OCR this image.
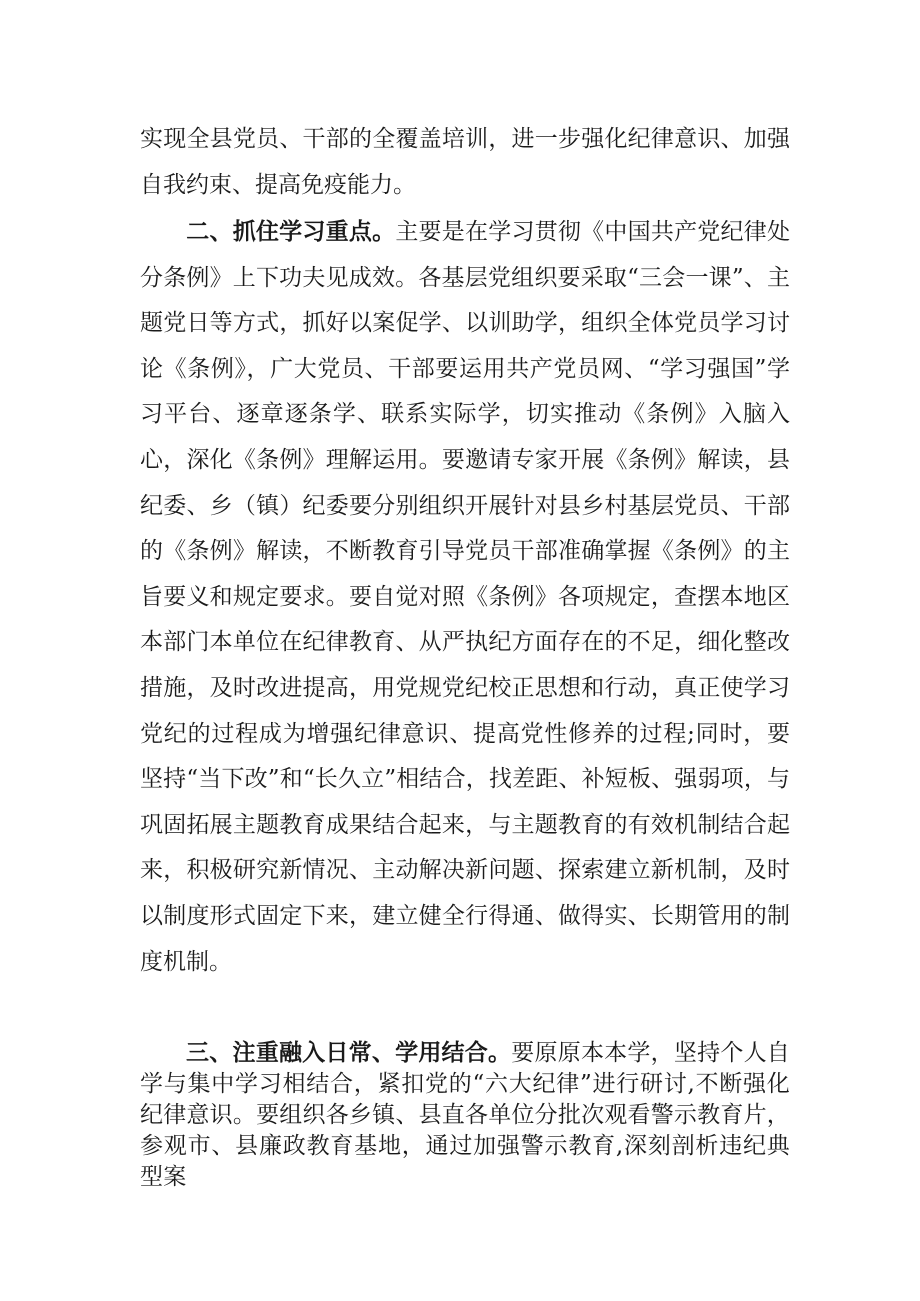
实现全县党员、干部的全覆盖培训，进一步强化纪律意识、加强自我约束、提高免疫能力。

二、抓住学习重点。主要是在学习贯彻《中国共产党纪律处分条例》上下功夫见成效。各基层党组织要采取“三会一课”、主题党日等方式，抓好以案促学、以训助学，组织全体党员学习讨论《条例》，广大党员、干部要运用共产党员网、“学习强国”学习平台、逐章逐条学、联系实际学，切实推动《条例》入脑入心，深化《条例》理解运用。要邀请专家开展《条例》解读，县纪委、乡（镇）纪委要分别组织开展针对县乡村基层党员、干部的《条例》解读，不断教育引导党员干部准确掌握《条例》的主旨要义和规定要求。要自觉对照《条例》各项规定，查摆本地区本部门本单位在纪律教育、从严执纪方面存在的不足，细化整改措施，及时改进提高，用党规党纪校正思想和行动，真正使学习党纪的过程成为增强纪律意识、提高党性修养的过程;同时，要坚持“当下改”和“长久立”相结合，找差距、补短板、强弱项，与巩固拓展主题教育成果结合起来，与主题教育的有效机制结合起来，积极研究新情况、主动解决新问题、探索建立新机制，及时以制度形式固定下来，建立健全行得通、做得实、长期管用的制度机制。

三、注重融入日常、学用结合。要原原本本学，坚持个人自学与集中学习相结合，紧扣党的“六大纪律”进行研讨,不断强化纪律意识。要组织各乡镇、县直各单位分批次观看警示教育片，参观市、县廉政教育基地，通过加强警示教育,深刻剖析违纪典型案
